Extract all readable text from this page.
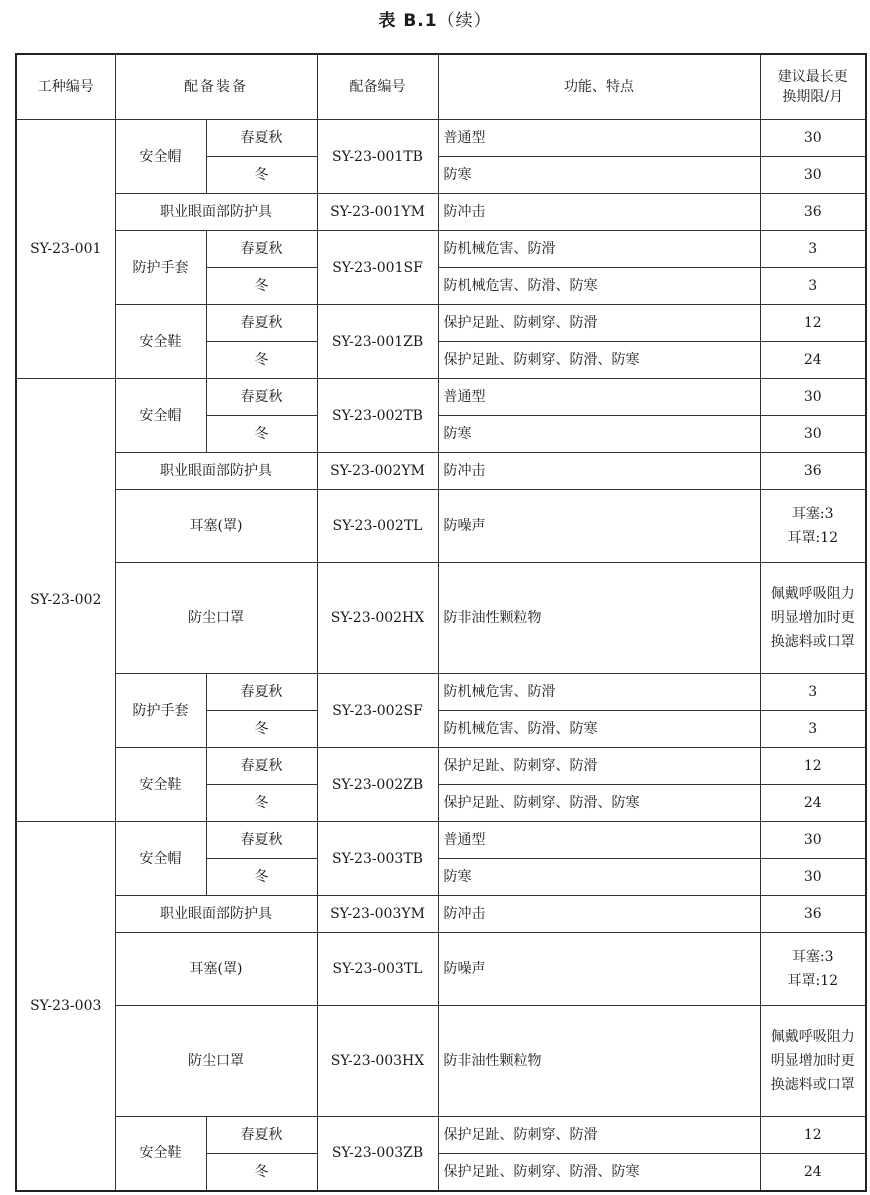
表 B.1（续）
工种编号	配备装备		配备编号	功能、特点	建议最长更
换期限/月
SY-23-001	安全帽	春夏秋	SY-23-001TB	普通型	30
		冬		防寒	30
	职业眼面部防护具		SY-23-001YM	防冲击	36
	防护手套	春夏秋	SY-23-001SF	防机械危害、防滑	3
		冬		防机械危害、防滑、防寒	3
	安全鞋	春夏秋	SY-23-001ZB	保护足趾、防刺穿、防滑	12
		冬		保护足趾、防刺穿、防滑、防寒	24
SY-23-002	安全帽	春夏秋	SY-23-002TB	普通型	30
		冬		防寒	30
	职业眼面部防护具		SY-23-002YM	防冲击	36
	耳塞(罩)		SY-23-002TL	防噪声	耳塞:3
耳罩:12
	防尘口罩		SY-23-002HX	防非油性颗粒物	佩戴呼吸阻力
明显增加时更
换滤料或口罩
	防护手套	春夏秋	SY-23-002SF	防机械危害、防滑	3
		冬		防机械危害、防滑、防寒	3
	安全鞋	春夏秋	SY-23-002ZB	保护足趾、防刺穿、防滑	12
		冬		保护足趾、防刺穿、防滑、防寒	24
SY-23-003	安全帽	春夏秋	SY-23-003TB	普通型	30
		冬		防寒	30
	职业眼面部防护具		SY-23-003YM	防冲击	36
	耳塞(罩)		SY-23-003TL	防噪声	耳塞:3
耳罩:12
	防尘口罩		SY-23-003HX	防非油性颗粒物	佩戴呼吸阻力
明显增加时更
换滤料或口罩
	安全鞋	春夏秋	SY-23-003ZB	保护足趾、防刺穿、防滑	12
		冬		保护足趾、防刺穿、防滑、防寒	24
